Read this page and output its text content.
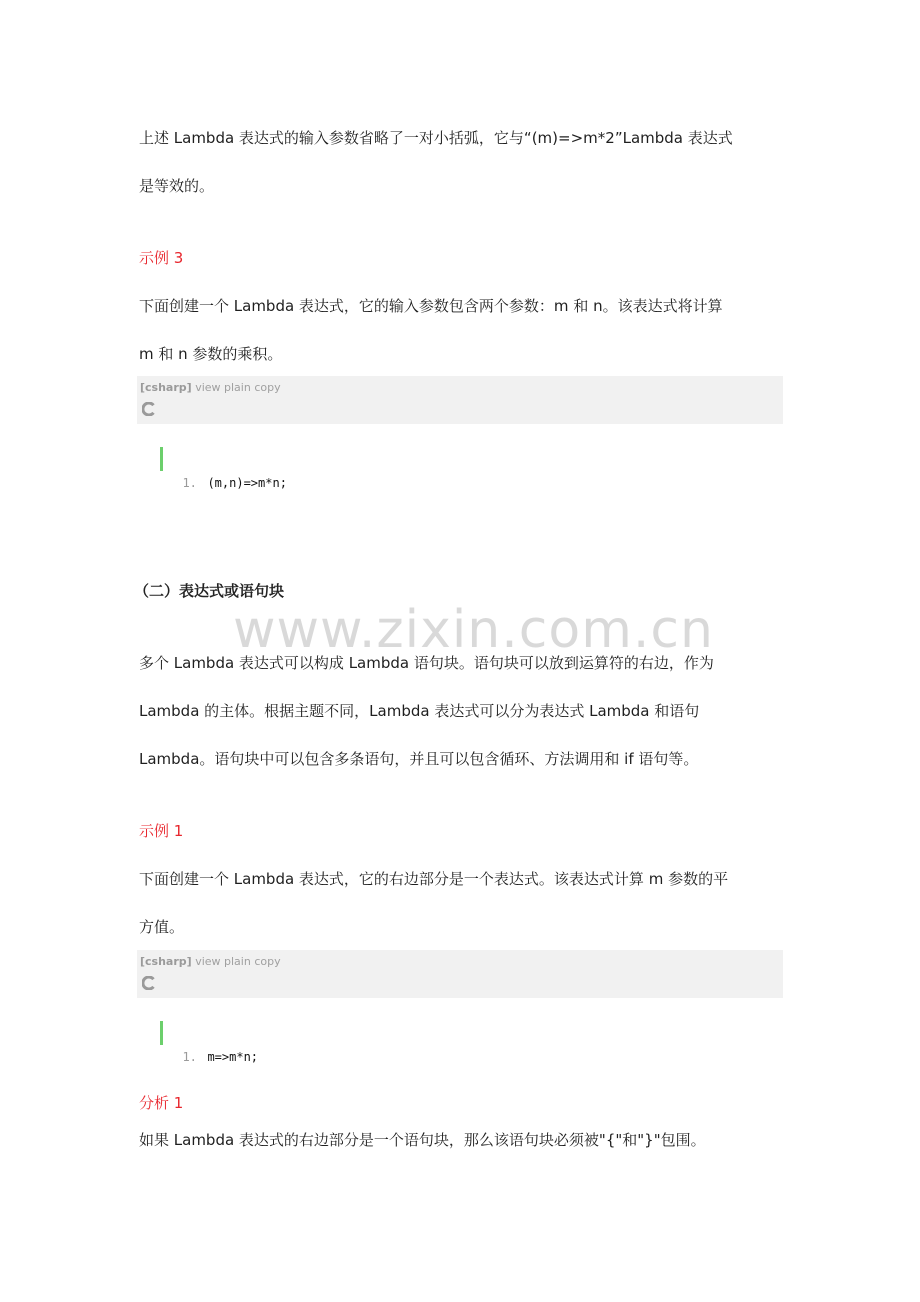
上述 Lambda 表达式的输入参数省略了一对小括弧，它与“(m)=>m*2”Lambda 表达式
是等效的。
示例 3
下面创建一个 Lambda 表达式，它的输入参数包含两个参数：m 和 n。该表达式将计算
m 和 n 参数的乘积。
[csharp] view plain copy

1. (m,n)=>m*n;

（二）表达式或语句块
www.zixin.com.cn
多个 Lambda 表达式可以构成 Lambda 语句块。语句块可以放到运算符的右边，作为
Lambda 的主体。根据主题不同，Lambda 表达式可以分为表达式 Lambda 和语句
Lambda。语句块中可以包含多条语句，并且可以包含循环、方法调用和 if 语句等。
示例 1
下面创建一个 Lambda 表达式，它的右边部分是一个表达式。该表达式计算 m 参数的平
方值。
[csharp] view plain copy

1. m=>m*n;

分析 1
如果 Lambda 表达式的右边部分是一个语句块，那么该语句块必须被"{"和"}"包围。
